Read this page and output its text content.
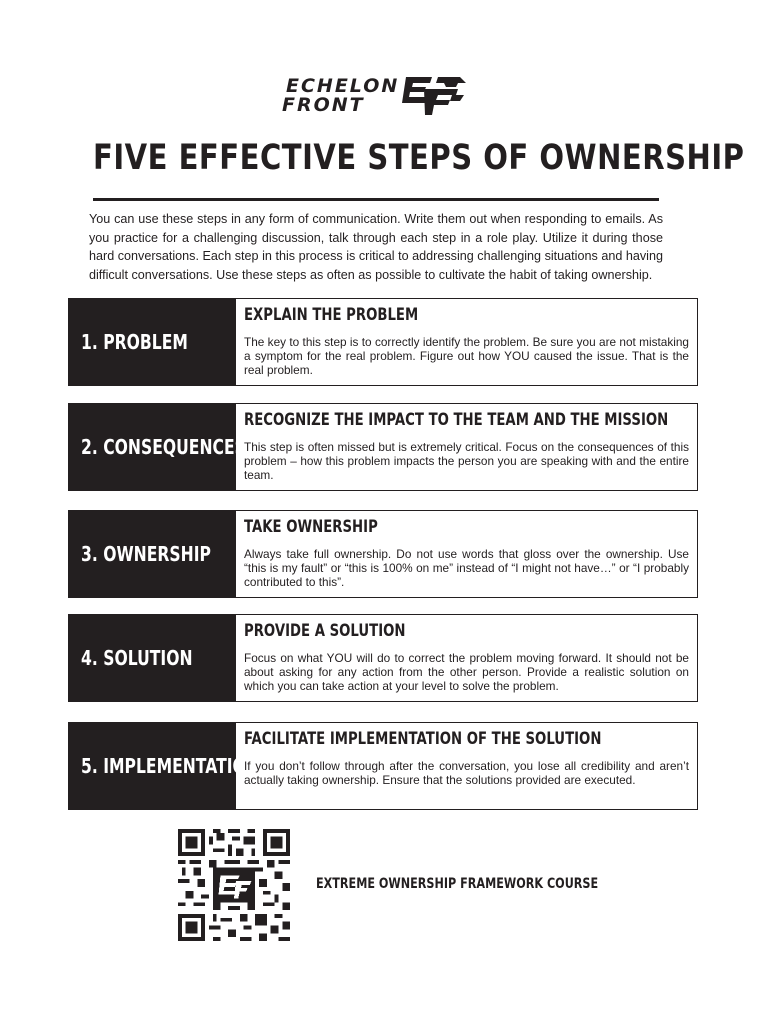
ECHELON
FRONT
FIVE EFFECTIVE STEPS OF OWNERSHIP

You can use these steps in any form of communication. Write them out when responding to emails. As you practice for a challenging discussion, talk through each step in a role play. Utilize it during those hard conversations. Each step in this process is critical to addressing challenging situations and having difficult conversations. Use these steps as often as possible to cultivate the habit of taking ownership.

1. PROBLEM
EXPLAIN THE PROBLEM

The key to this step is to correctly identify the problem. Be sure you are not mistaking a symptom for the real problem. Figure out how YOU caused the issue. That is the real problem.

2. CONSEQUENCES
RECOGNIZE THE IMPACT TO THE TEAM AND THE MISSION

This step is often missed but is extremely critical. Focus on the consequences of this problem – how this problem impacts the person you are speaking with and the entire team.

3. OWNERSHIP
TAKE OWNERSHIP

Always take full ownership. Do not use words that gloss over the ownership. Use “this is my fault” or “this is 100% on me” instead of “I might not have…” or “I probably contributed to this”.

4. SOLUTION
PROVIDE A SOLUTION

Focus on what YOU will do to correct the problem moving forward. It should not be about asking for any action from the other person. Provide a realistic solution on which you can take action at your level to solve the problem.

5. IMPLEMENTATION
FACILITATE IMPLEMENTATION OF THE SOLUTION

If you don’t follow through after the conversation, you lose all credibility and aren’t actually taking ownership. Ensure that the solutions provided are executed.

EXTREME OWNERSHIP FRAMEWORK COURSE
